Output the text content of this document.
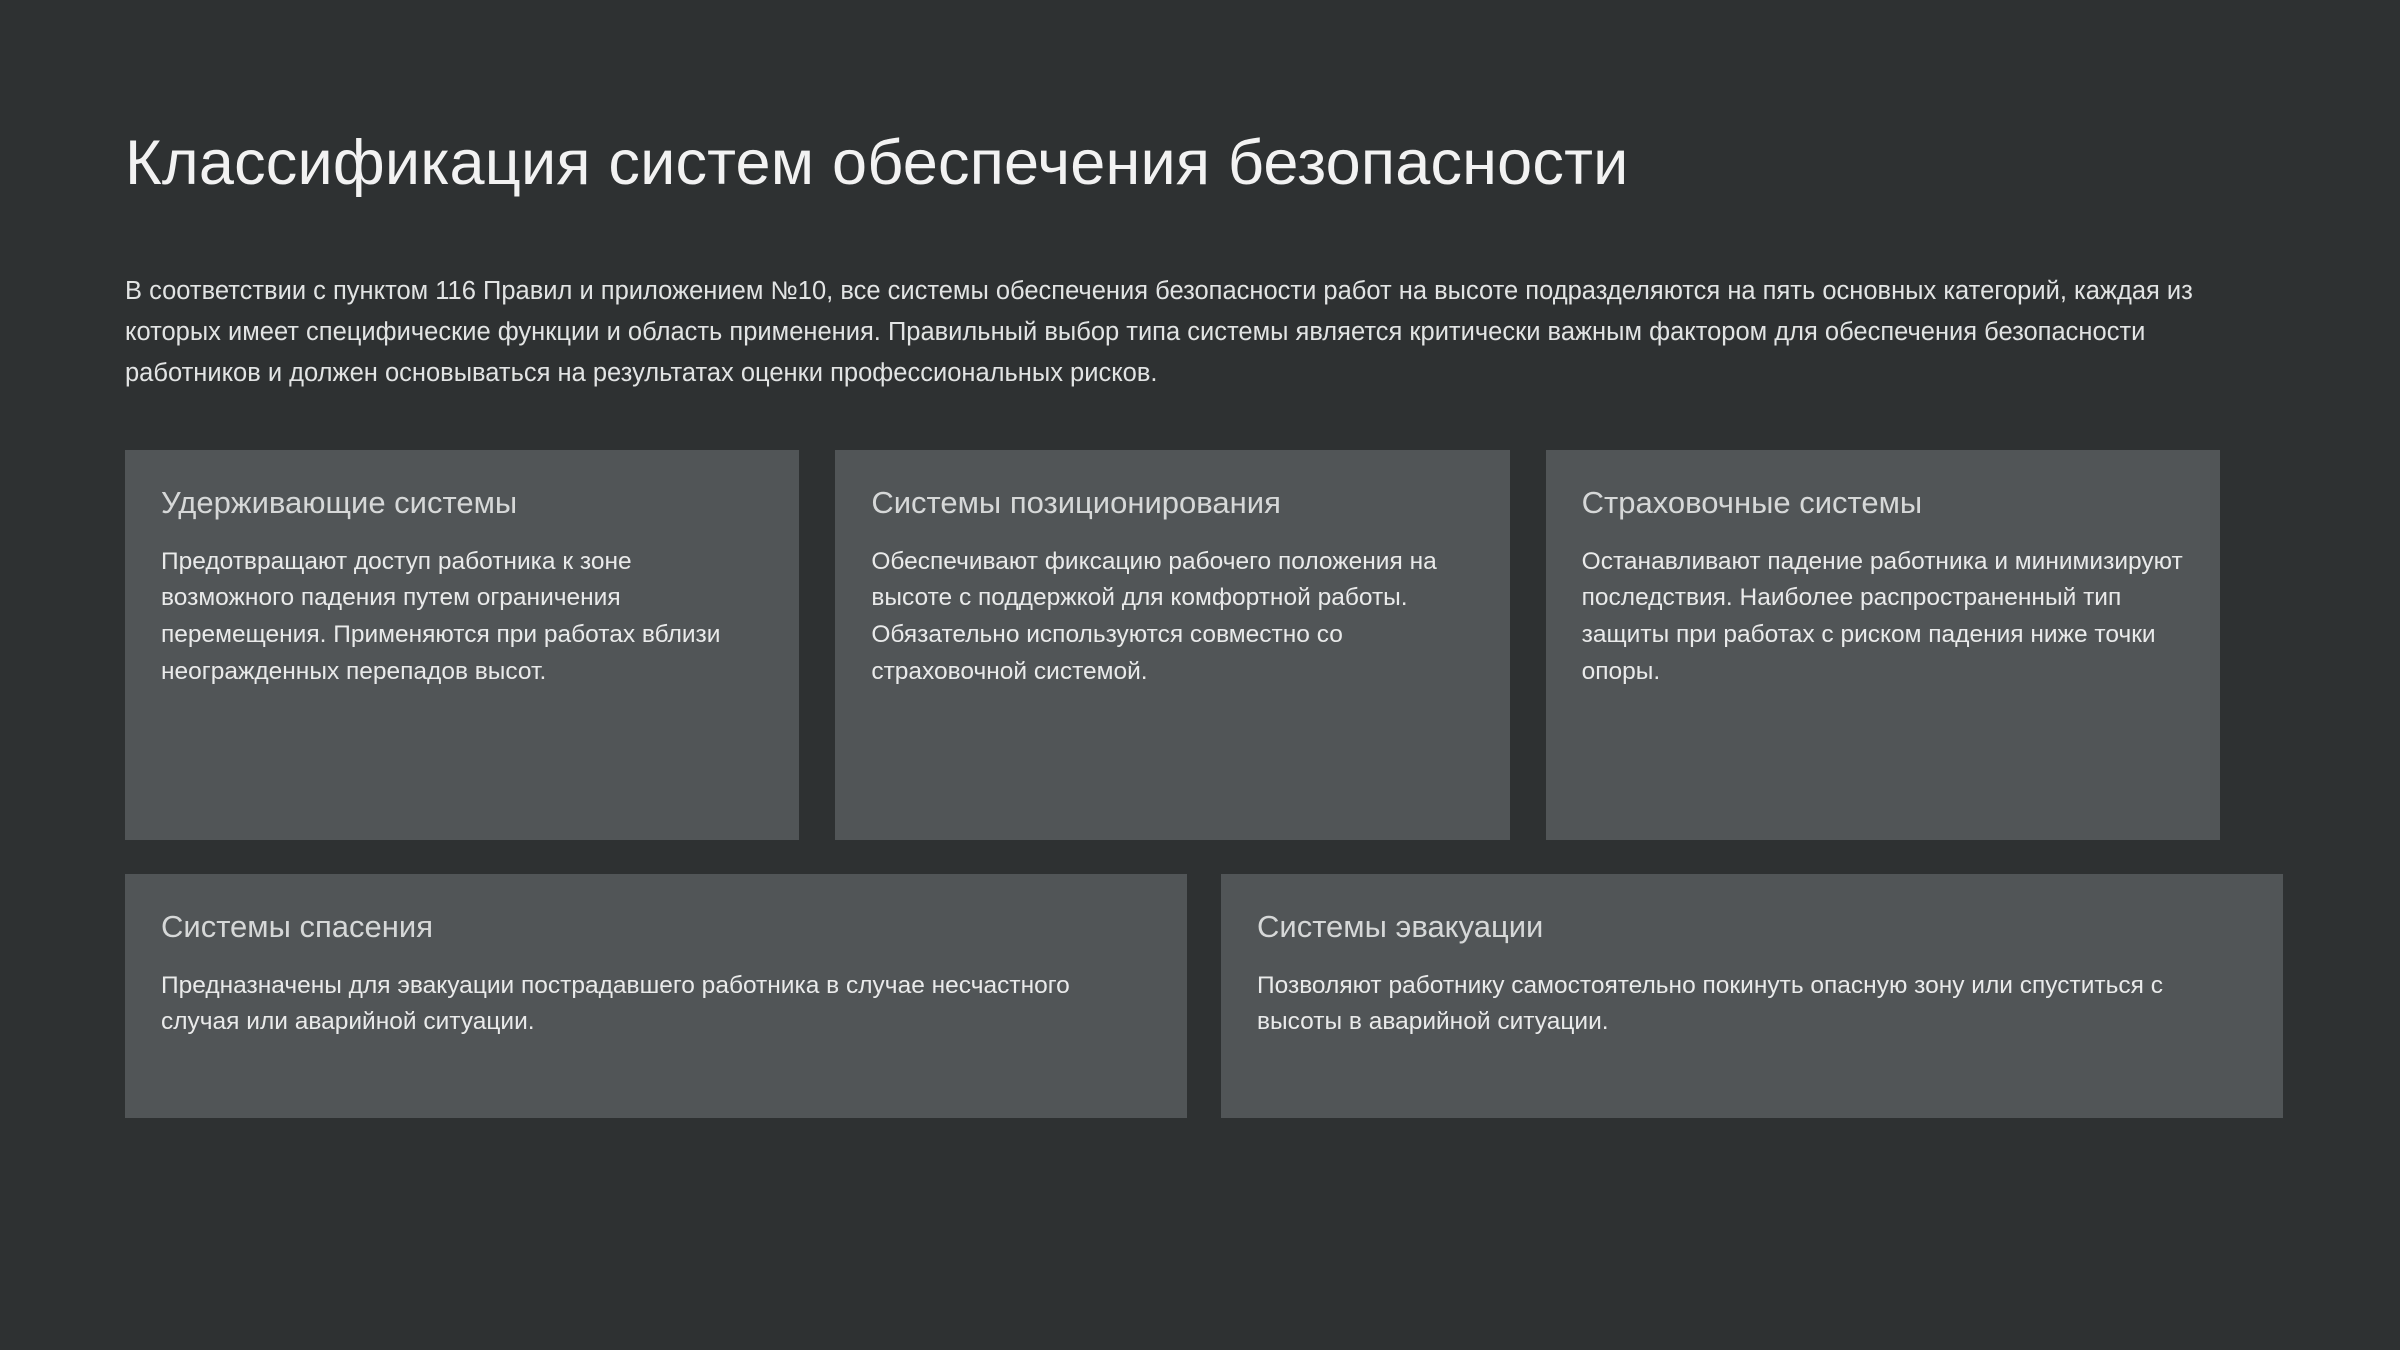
Классификация систем обеспечения безопасности

В соответствии с пунктом 116 Правил и приложением №10, все системы обеспечения безопасности работ на высоте подразделяются на пять основных категорий, каждая из которых имеет специфические функции и область применения. Правильный выбор типа системы является критически важным фактором для обеспечения безопасности работников и должен основываться на результатах оценки профессиональных рисков.

Удерживающие системы

Предотвращают доступ работника к зоне возможного падения путем ограничения перемещения. Применяются при работах вблизи неогражденных перепадов высот.

Системы позиционирования

Обеспечивают фиксацию рабочего положения на высоте с поддержкой для комфортной работы. Обязательно используются совместно со страховочной системой.

Страховочные системы

Останавливают падение работника и минимизируют последствия. Наиболее распространенный тип защиты при работах с риском падения ниже точки опоры.

Системы спасения

Предназначены для эвакуации пострадавшего работника в случае несчастного случая или аварийной ситуации.

Системы эвакуации

Позволяют работнику самостоятельно покинуть опасную зону или спуститься с высоты в аварийной ситуации.
